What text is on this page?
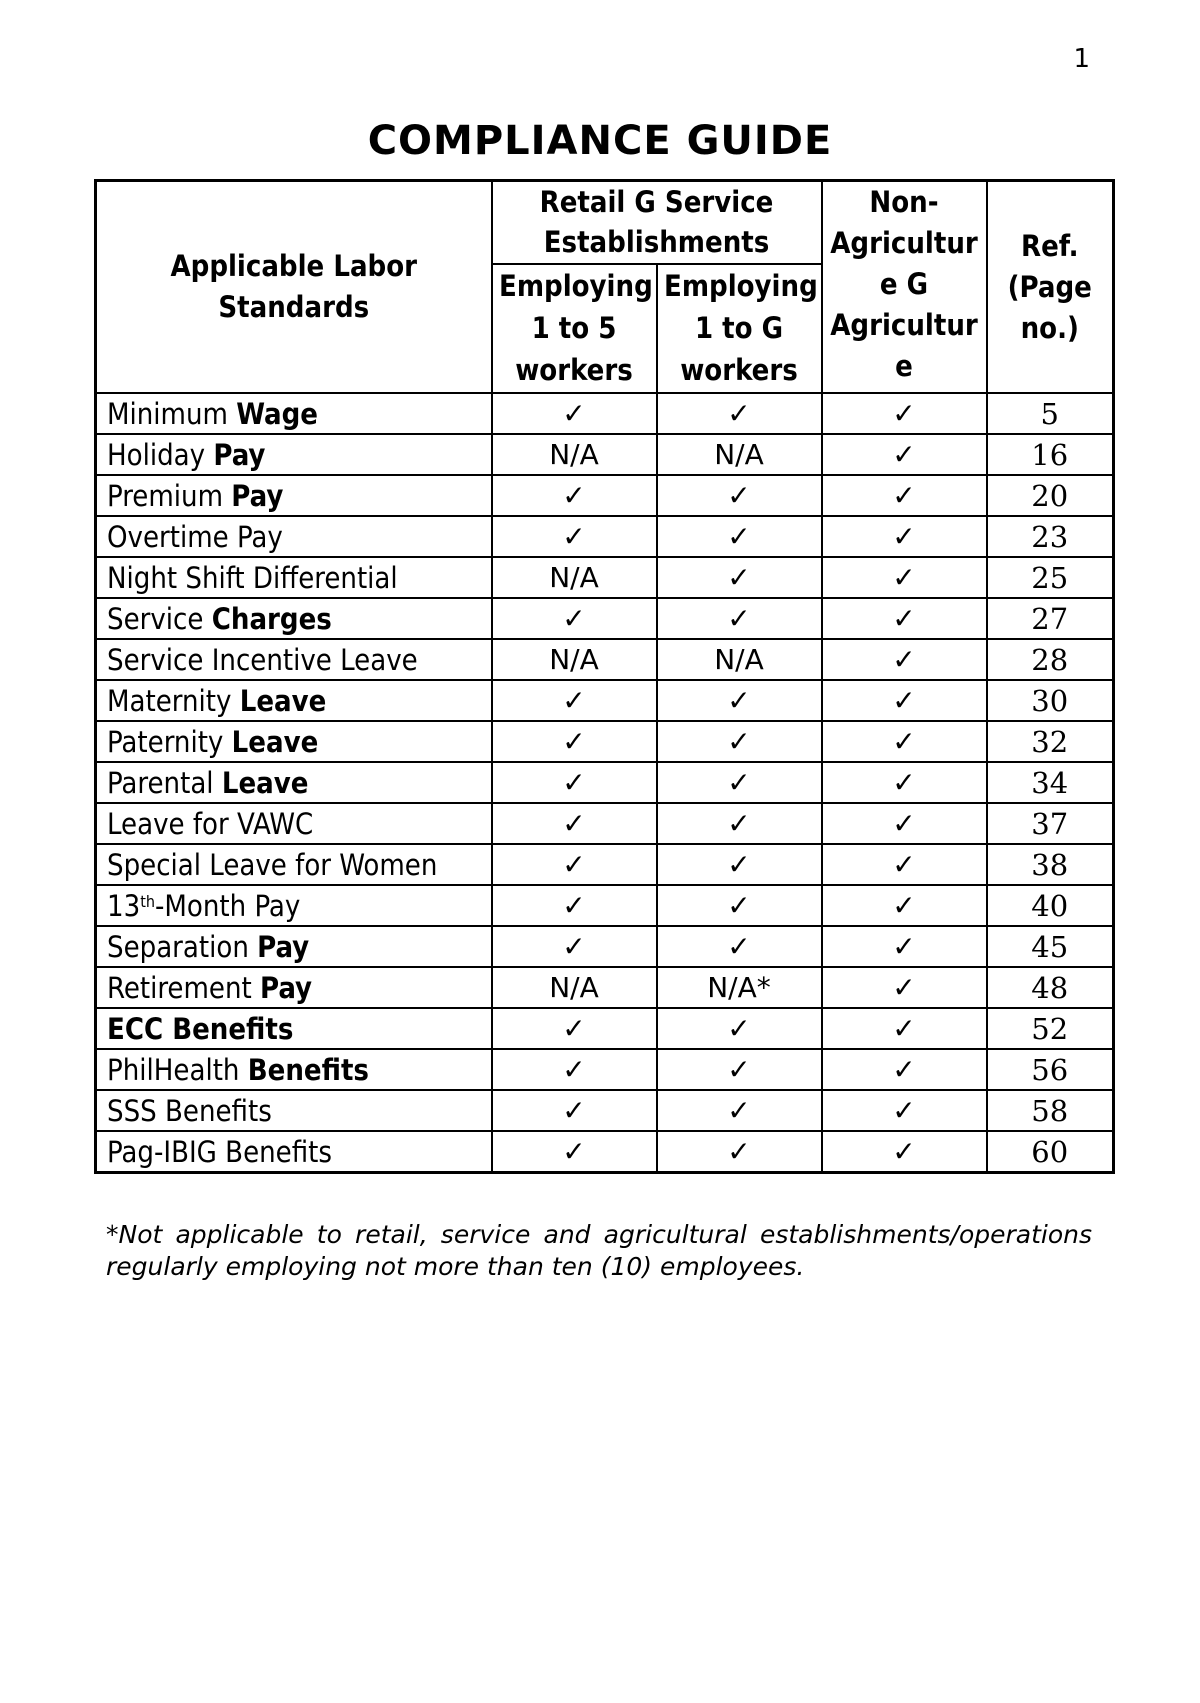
1
COMPLIANCE GUIDE
Applicable Labor Standards	Retail G Service Establishments		Non-Agriculture G Agriculture	Ref. (Page no.)

	Employing 1 to 5 workers	Employing 1 to G workers		

Minimum Wage	✓	✓	✓	5
Holiday Pay	N/A	N/A	✓	16
Premium Pay	✓	✓	✓	20
Overtime Pay	✓	✓	✓	23
Night Shift Differential	N/A	✓	✓	25
Service Charges	✓	✓	✓	27
Service Incentive Leave	N/A	N/A	✓	28
Maternity Leave	✓	✓	✓	30
Paternity Leave	✓	✓	✓	32
Parental Leave	✓	✓	✓	34
Leave for VAWC	✓	✓	✓	37
Special Leave for Women	✓	✓	✓	38
13th-Month Pay	✓	✓	✓	40
Separation Pay	✓	✓	✓	45
Retirement Pay	N/A	N/A*	✓	48
ECC Benefits	✓	✓	✓	52
PhilHealth Benefits	✓	✓	✓	56
SSS Benefits	✓	✓	✓	58
Pag-IBIG Benefits	✓	✓	✓	60
*Not applicable to retail, service and agricultural establishments/operations regularly employing not more than ten (10) employees.
